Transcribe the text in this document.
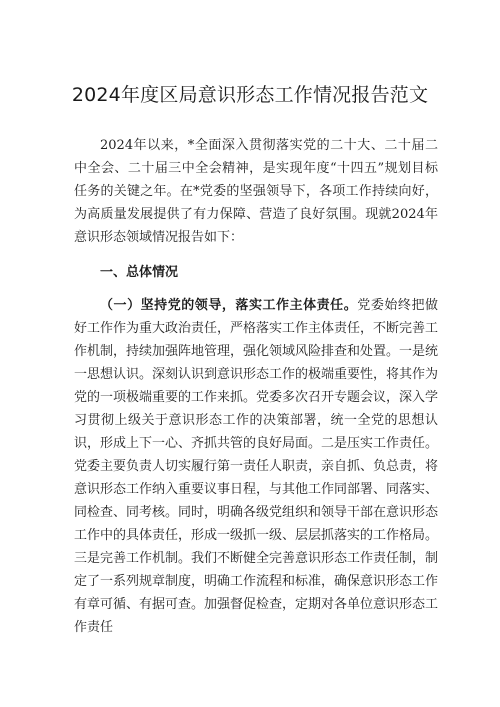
2024年度区局意识形态工作情况报告范文

2024年以来，*全面深入贯彻落实党的二十大、二十届二中全会、二十届三中全会精神，是实现年度“十四五”规划目标任务的关键之年。在*党委的坚强领导下，各项工作持续向好，为高质量发展提供了有力保障、营造了良好氛围。现就2024年意识形态领域情况报告如下：

一、总体情况

（一）坚持党的领导，落实工作主体责任。党委始终把做好工作作为重大政治责任，严格落实工作主体责任，不断完善工作机制，持续加强阵地管理，强化领域风险排查和处置。一是统一思想认识。深刻认识到意识形态工作的极端重要性，将其作为党的一项极端重要的工作来抓。党委多次召开专题会议，深入学习贯彻上级关于意识形态工作的决策部署，统一全党的思想认识，形成上下一心、齐抓共管的良好局面。二是压实工作责任。党委主要负责人切实履行第一责任人职责，亲自抓、负总责，将意识形态工作纳入重要议事日程，与其他工作同部署、同落实、同检查、同考核。同时，明确各级党组织和领导干部在意识形态工作中的具体责任，形成一级抓一级、层层抓落实的工作格局。三是完善工作机制。我们不断健全完善意识形态工作责任制，制定了一系列规章制度，明确工作流程和标准，确保意识形态工作有章可循、有据可查。加强督促检查，定期对各单位意识形态工作责任
